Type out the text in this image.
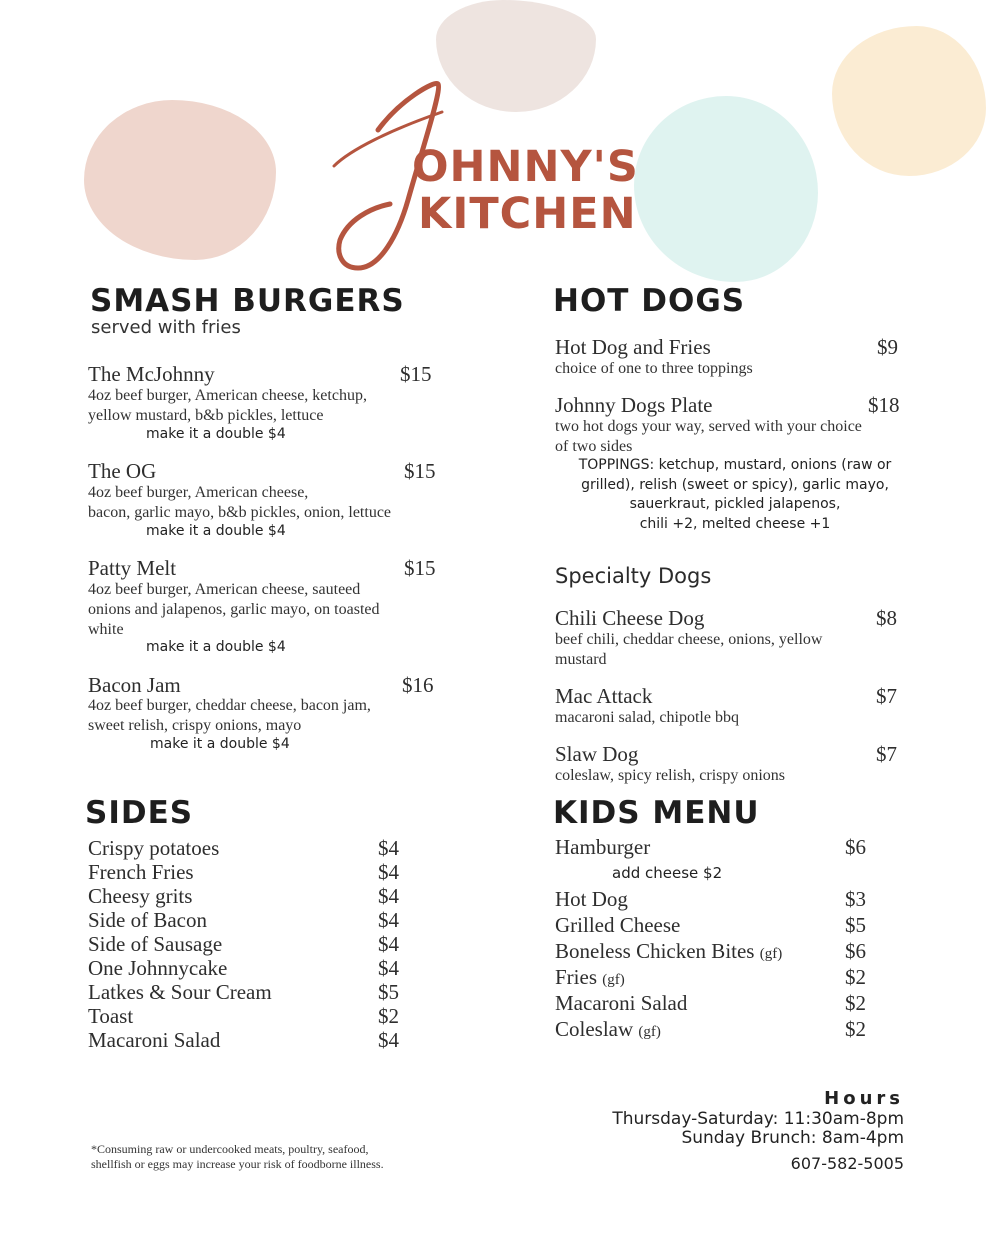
OHNNY'S
KITCHEN
SMASH BURGERS
served with fries
The McJohnny	$15
4oz beef burger, American cheese, ketchup,
yellow mustard, b&b pickles, lettuce
make it a double $4
The OG	$15
4oz beef burger, American cheese,
bacon, garlic mayo, b&b pickles, onion, lettuce
make it a double $4
Patty Melt	$15
4oz beef burger, American cheese, sauteed
onions and jalapenos, garlic mayo, on toasted
white
make it a double $4
Bacon Jam	$16
4oz beef burger, cheddar cheese, bacon jam,
sweet relish, crispy onions, mayo
make it a double $4
HOT DOGS
Hot Dog and Fries	$9
choice of one to three toppings
Johnny Dogs Plate	$18
two hot dogs your way, served with your choice
of two sides
TOPPINGS: ketchup, mustard, onions (raw or
grilled), relish (sweet or spicy), garlic mayo,
sauerkraut, pickled jalapenos,
chili +2, melted cheese +1
Specialty Dogs
Chili Cheese Dog	$8
beef chili, cheddar cheese, onions, yellow
mustard
Mac Attack	$7
macaroni salad, chipotle bbq
Slaw Dog	$7
coleslaw, spicy relish, crispy onions
SIDES
Crispy potatoes	$4
French Fries	$4
Cheesy grits	$4
Side of Bacon	$4
Side of Sausage	$4
One Johnnycake	$4
Latkes & Sour Cream	$5
Toast	$2
Macaroni Salad	$4
KIDS MENU
Hamburger	$6
add cheese $2
Hot Dog	$3
Grilled Cheese	$5
Boneless Chicken Bites (gf)	$6
Fries (gf)	$2
Macaroni Salad	$2
Coleslaw (gf)	$2
Hours
Thursday-Saturday: 11:30am-8pm
Sunday Brunch: 8am-4pm
607-582-5005
*Consuming raw or undercooked meats, poultry, seafood,
shellfish or eggs may increase your risk of foodborne illness.
